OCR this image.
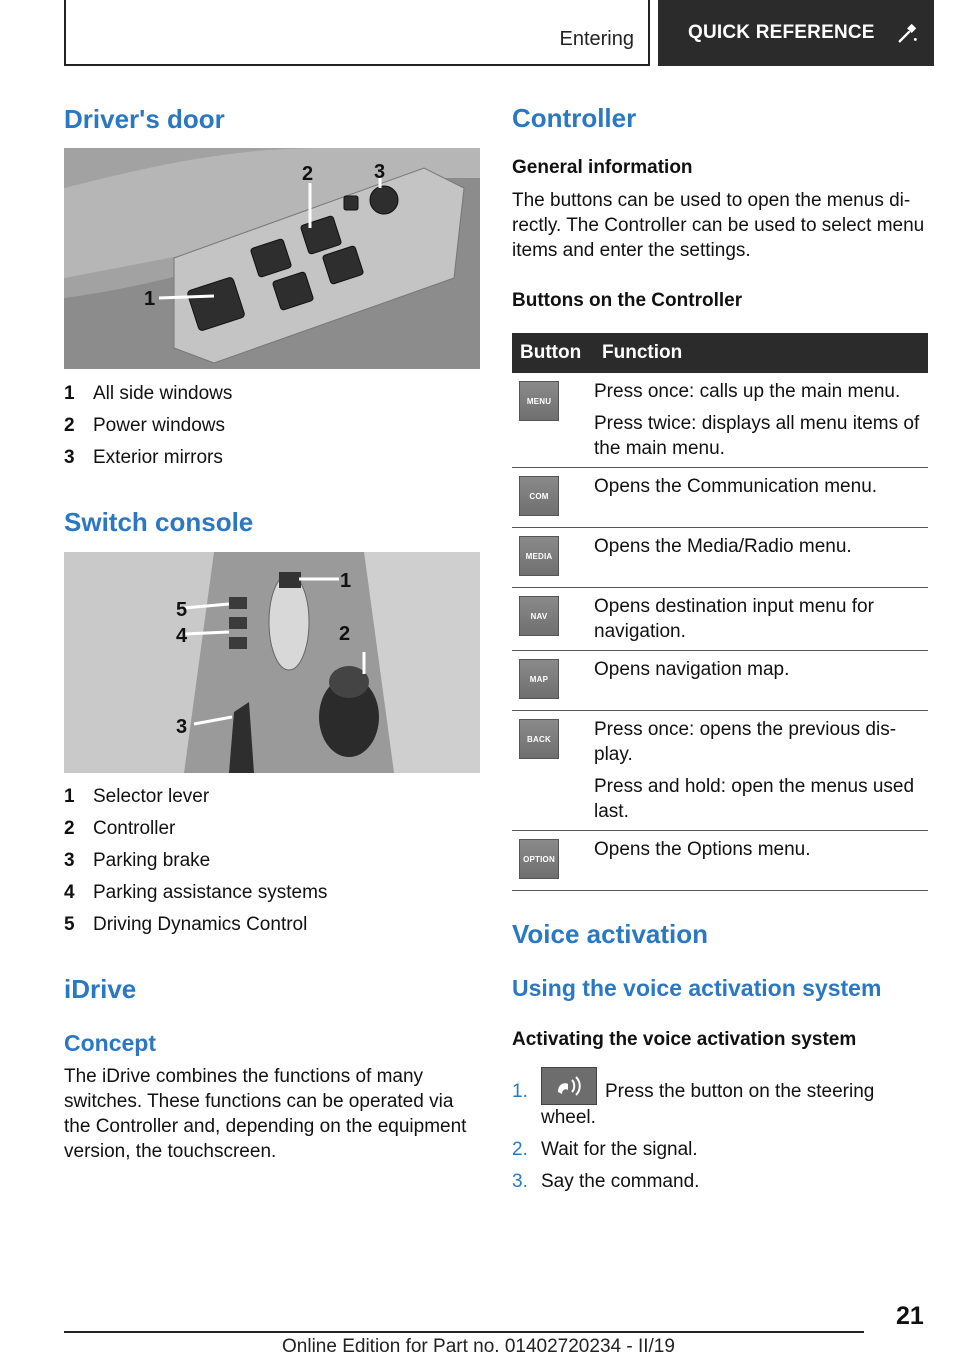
Entering	QUICK REFERENCE
Driver's door
1
2	3
1 All side windows
2 Power windows
3 Exterior mirrors
Switch console
1
2
3
4
5
1 Selector lever
2 Controller
3 Parking brake
4 Parking assistance systems
5 Driving Dynamics Control
iDrive
Concept

The iDrive combines the functions of many switches. These functions can be operated via the Controller and, depending on the equipment version, the touchscreen.

Controller
General information

The buttons can be used to open the menus directly. The Controller can be used to select menu items and enter the settings.

Buttons on the Controller
Button	Function

MENU	Press once: calls up the main menu.

Press twice: displays all menu items of the main menu.

COM	Opens the Communication menu.

MEDIA	Opens the Media/Radio menu.

NAV	Opens destination input menu for navigation.

MAP	Opens navigation map.

BACK	Press once: opens the previous display.

Press and hold: open the menus used last.

OPTION	Opens the Options menu.

Voice activation
Using the voice activation system
Activating the voice activation system
1.	Press the button on the steering wheel.
2. Wait for the signal.
3. Say the command.
21
Online Edition for Part no. 01402720234 - II/19
